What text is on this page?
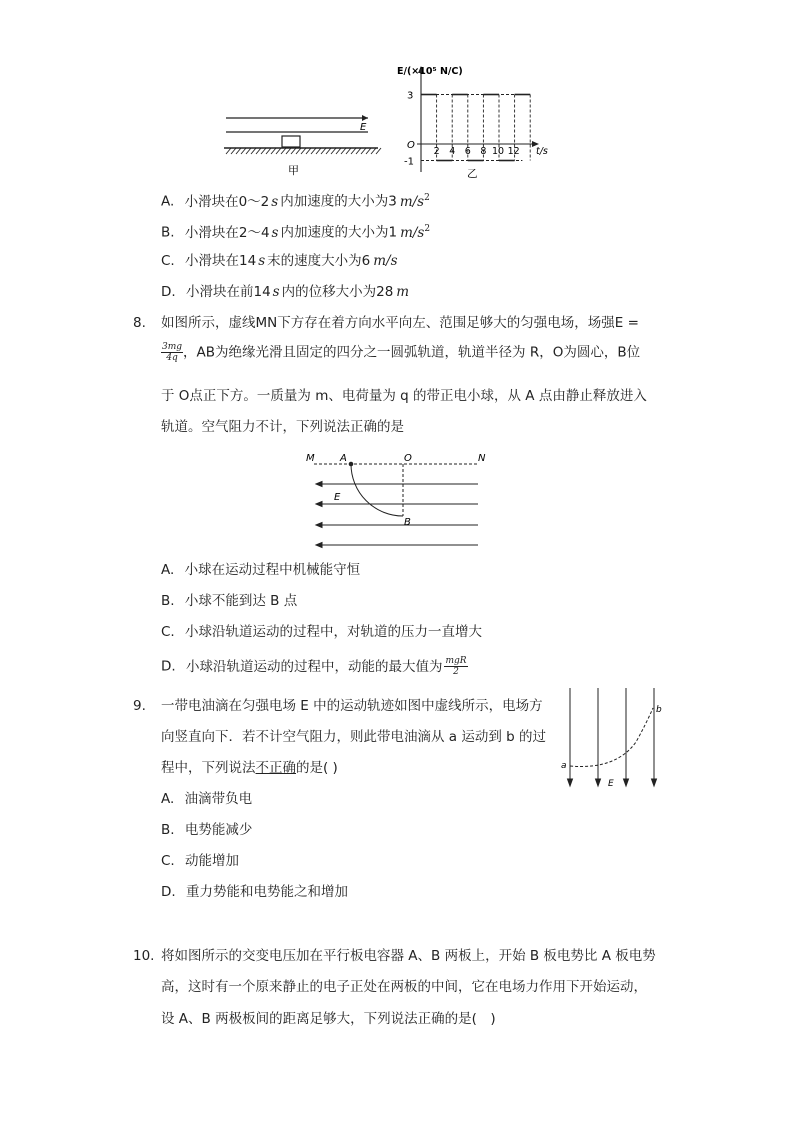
E
甲
E/(×10⁵ N/C)
3
O
-1
2 4 6 8 10 12 t/s
乙
A. 小滑块在0～2 s 内加速度的大小为3 $m/s^2$
B. 小滑块在2～4 s 内加速度的大小为1 $m/s^2$
C. 小滑块在14 s 末的速度大小为6 m/s
D. 小滑块在前14 s 内的位移大小为28 m
8. 如图所示，虚线MN下方存在着方向水平向左、范围足够大的匀强电场，场强E =
$\frac{3mg}{4q}$ ，AB为绝缘光滑且固定的四分之一圆弧轨道，轨道半径为 R，O为圆心，B位
于 O点正下方。一质量为 m、电荷量为 q 的带正电小球，从 A 点由静止释放进入
轨道。空气阻力不计，下列说法正确的是
M	A	O	N
E
B
A. 小球在运动过程中机械能守恒
B. 小球不能到达 B 点
C. 小球沿轨道运动的过程中，对轨道的压力一直增大
D. 小球沿轨道运动的过程中，动能的最大值为 $\frac{\text{mgR}}{2}$
9. 一带电油滴在匀强电场 E 中的运动轨迹如图中虚线所示，电场方
向竖直向下．若不计空气阻力，则此带电油滴从 a 运动到 b 的过
程中，下列说法不正确的是( )	a
b
E
A. 油滴带负电
B. 电势能减少
C. 动能增加
D. 重力势能和电势能之和增加
10. 将如图所示的交变电压加在平行板电容器 A、B 两板上，开始 B 板电势比 A 板电势
高，这时有一个原来静止的电子正处在两板的中间，它在电场力作用下开始运动，
设 A、B 两极板间的距离足够大，下列说法正确的是(　)
